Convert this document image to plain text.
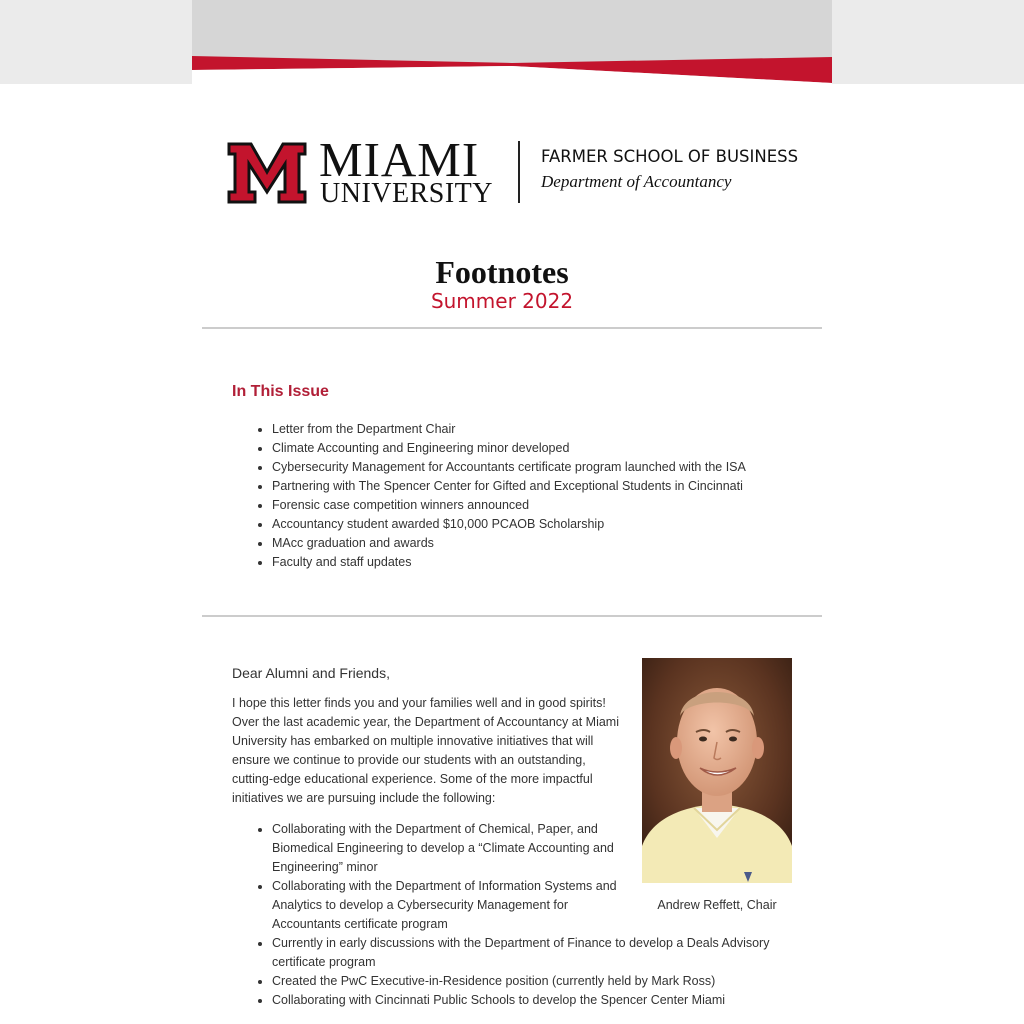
MIAMI
UNIVERSITY
FARMER SCHOOL OF BUSINESS
Department of Accountancy
Footnotes
Summer 2022
In This Issue
• Letter from the Department Chair
• Climate Accounting and Engineering minor developed
• Cybersecurity Management for Accountants certificate program launched with the ISA
• Partnering with The Spencer Center for Gifted and Exceptional Students in Cincinnati
• Forensic case competition winners announced
• Accountancy student awarded $10,000 PCAOB Scholarship
• MAcc graduation and awards
• Faculty and staff updates
Andrew Reffett, Chair

Dear Alumni and Friends,

I hope this letter finds you and your families well and in good spirits! Over the last academic year, the Department of Accountancy at Miami University has embarked on multiple innovative initiatives that will ensure we continue to provide our students with an outstanding, cutting-edge educational experience. Some of the more impactful initiatives we are pursuing include the following:

• Collaborating with the Department of Chemical, Paper, and Biomedical Engineering to develop a “Climate Accounting and Engineering” minor
• Collaborating with the Department of Information Systems and Analytics to develop a Cybersecurity Management for Accountants certificate program
• Currently in early discussions with the Department of Finance to develop a Deals Advisory certificate program
• Created the PwC Executive-in-Residence position (currently held by Mark Ross)
• Collaborating with Cincinnati Public Schools to develop the Spencer Center Miami
